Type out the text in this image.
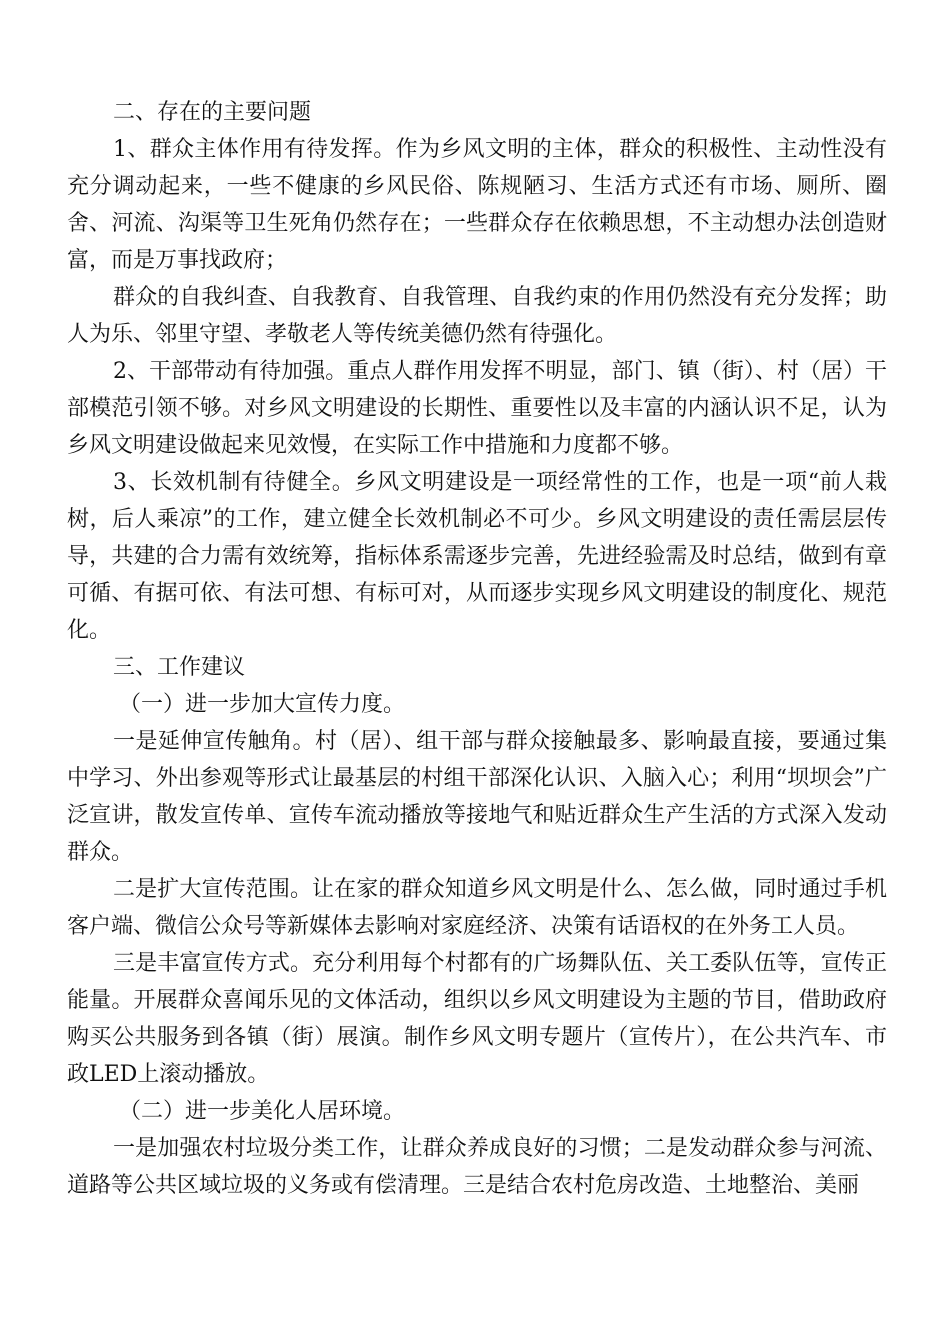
二、存在的主要问题

1、群众主体作用有待发挥。作为乡风文明的主体，群众的积极性、主动性没有充分调动起来，一些不健康的乡风民俗、陈规陋习、生活方式还有市场、厕所、圈舍、河流、沟渠等卫生死角仍然存在；一些群众存在依赖思想，不主动想办法创造财富，而是万事找政府；

群众的自我纠查、自我教育、自我管理、自我约束的作用仍然没有充分发挥；助人为乐、邻里守望、孝敬老人等传统美德仍然有待强化。

2、干部带动有待加强。重点人群作用发挥不明显，部门、镇（街）、村（居）干部模范引领不够。对乡风文明建设的长期性、重要性以及丰富的内涵认识不足，认为乡风文明建设做起来见效慢，在实际工作中措施和力度都不够。

3、长效机制有待健全。乡风文明建设是一项经常性的工作，也是一项“前人栽树，后人乘凉”的工作，建立健全长效机制必不可少。乡风文明建设的责任需层层传导，共建的合力需有效统筹，指标体系需逐步完善，先进经验需及时总结，做到有章可循、有据可依、有法可想、有标可对，从而逐步实现乡风文明建设的制度化、规范化。

三、工作建议

（一）进一步加大宣传力度。

一是延伸宣传触角。村（居）、组干部与群众接触最多、影响最直接，要通过集中学习、外出参观等形式让最基层的村组干部深化认识、入脑入心；利用“坝坝会”广泛宣讲，散发宣传单、宣传车流动播放等接地气和贴近群众生产生活的方式深入发动群众。

二是扩大宣传范围。让在家的群众知道乡风文明是什么、怎么做，同时通过手机客户端、微信公众号等新媒体去影响对家庭经济、决策有话语权的在外务工人员。

三是丰富宣传方式。充分利用每个村都有的广场舞队伍、关工委队伍等，宣传正能量。开展群众喜闻乐见的文体活动，组织以乡风文明建设为主题的节目，借助政府购买公共服务到各镇（街）展演。制作乡风文明专题片（宣传片），在公共汽车、市政LED上滚动播放。

（二）进一步美化人居环境。

一是加强农村垃圾分类工作，让群众养成良好的习惯；二是发动群众参与河流、道路等公共区域垃圾的义务或有偿清理。三是结合农村危房改造、土地整治、美丽
